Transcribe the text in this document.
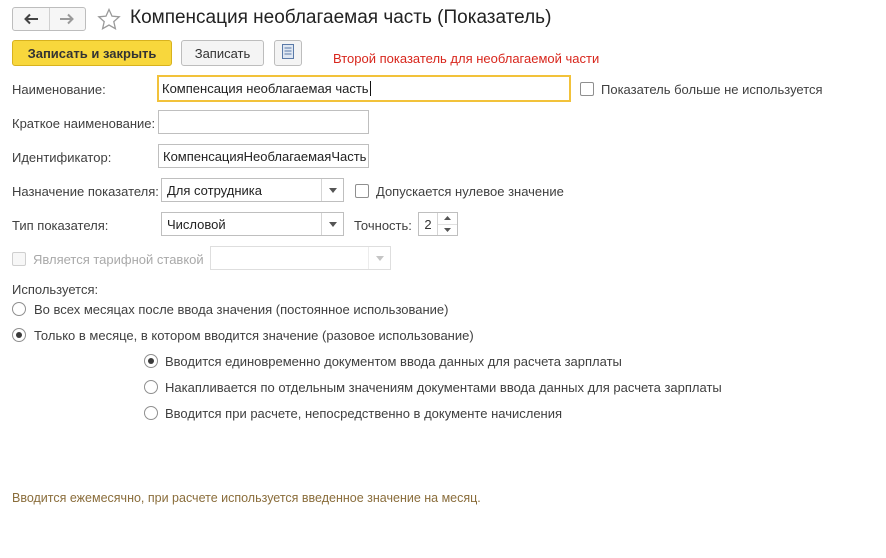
Компенсация необлагаемая часть (Показатель)
Записать и закрыть	Записать	Второй показатель для необлагаемой части
Наименование:	Компенсация необлагаемая часть	Показатель больше не используется
Краткое наименование:
Идентификатор:	КомпенсацияНеоблагаемаяЧасть
Назначение показателя: Для сотрудника	Допускается нулевое значение
Тип показателя:	Числовой	Точность: 2
Является тарифной ставкой
Используется:
Во всех месяцах после ввода значения (постоянное использование)
Только в месяце, в котором вводится значение (разовое использование)
Вводится единовременно документом ввода данных для расчета зарплаты
Накапливается по отдельным значениям документами ввода данных для расчета зарплаты
Вводится при расчете, непосредственно в документе начисления
Вводится ежемесячно, при расчете используется введенное значение на месяц.
